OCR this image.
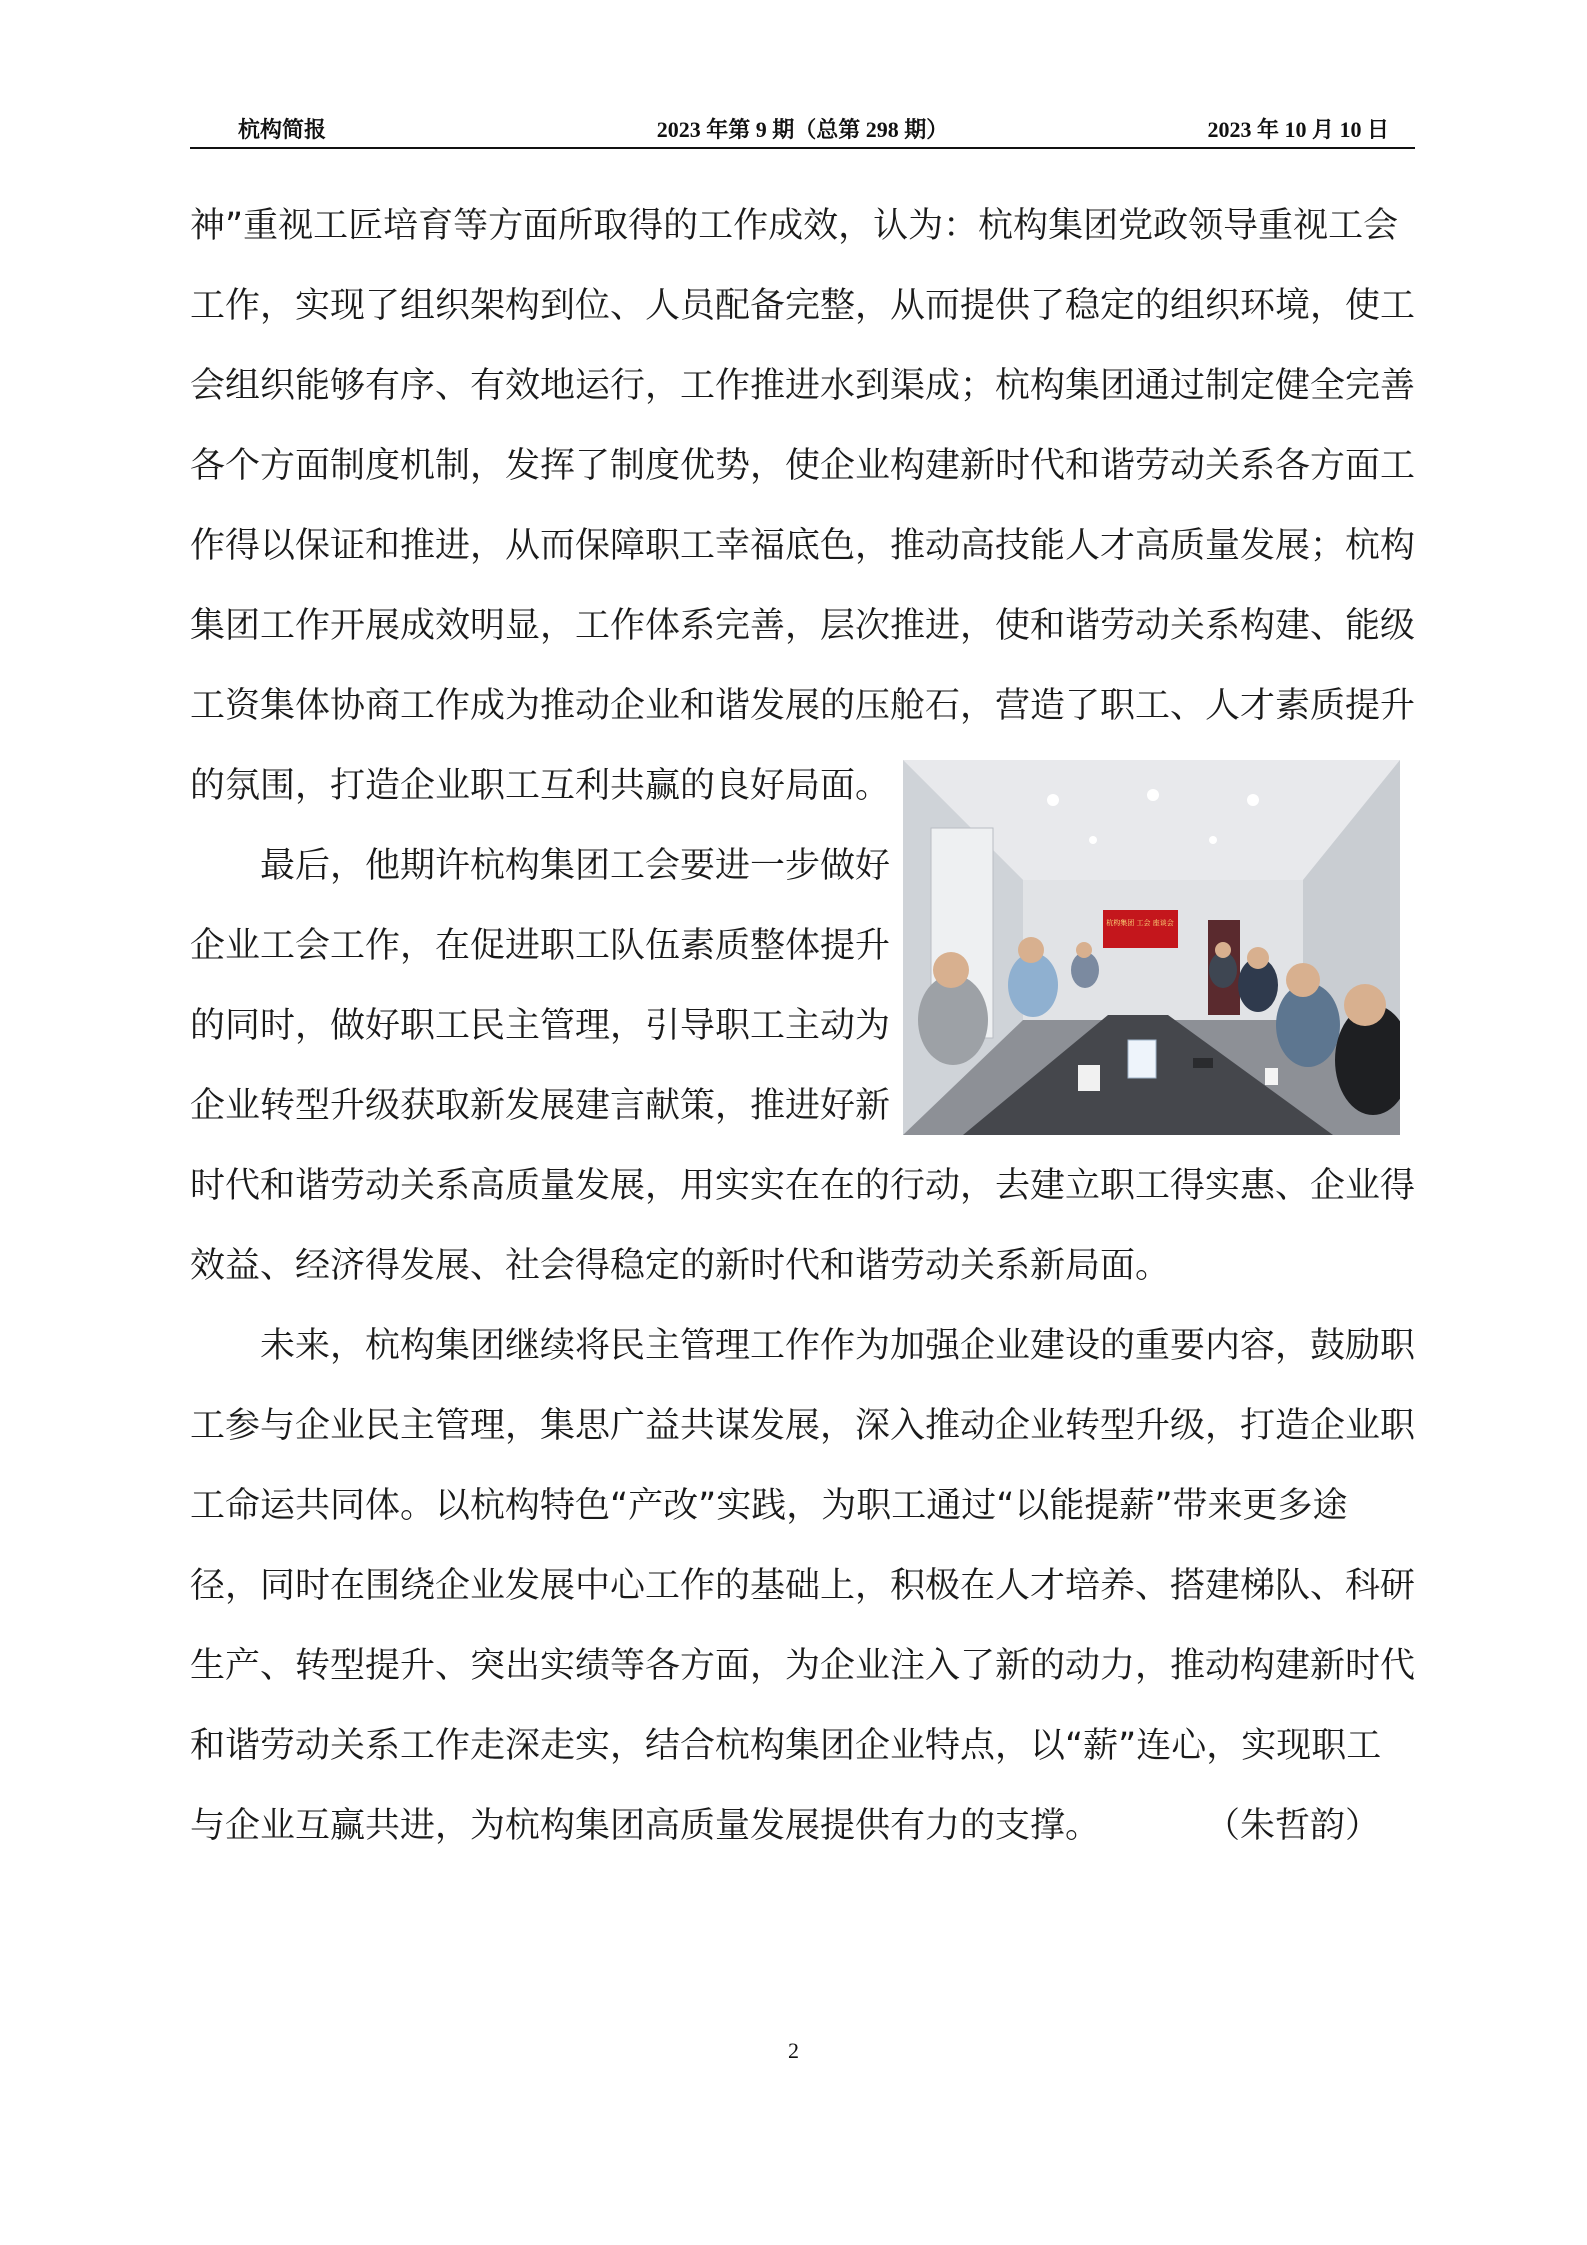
杭构简报	2023 年第 9 期（总第 298 期）	2023 年 10 月 10 日
神”重视工匠培育等方面所取得的工作成效，认为：杭构集团党政领导重视工会
工作，实现了组织架构到位、人员配备完整，从而提供了稳定的组织环境，使工
会组织能够有序、有效地运行，工作推进水到渠成；杭构集团通过制定健全完善
各个方面制度机制，发挥了制度优势，使企业构建新时代和谐劳动关系各方面工
作得以保证和推进，从而保障职工幸福底色，推动高技能人才高质量发展；杭构
集团工作开展成效明显，工作体系完善，层次推进，使和谐劳动关系构建、能级
工资集体协商工作成为推动企业和谐发展的压舱石，营造了职工、人才素质提升
的氛围，打造企业职工互利共赢的良好局面。
最后，他期许杭构集团工会要进一步做好
企业工会工作，在促进职工队伍素质整体提升
的同时，做好职工民主管理，引导职工主动为
企业转型升级获取新发展建言献策，推进好新
时代和谐劳动关系高质量发展，用实实在在的行动，去建立职工得实惠、企业得
效益、经济得发展、社会得稳定的新时代和谐劳动关系新局面。
未来，杭构集团继续将民主管理工作作为加强企业建设的重要内容，鼓励职
工参与企业民主管理，集思广益共谋发展，深入推动企业转型升级，打造企业职
工命运共同体。以杭构特色“产改”实践，为职工通过“以能提薪”带来更多途
径，同时在围绕企业发展中心工作的基础上，积极在人才培养、搭建梯队、科研
生产、转型提升、突出实绩等各方面，为企业注入了新的动力，推动构建新时代
和谐劳动关系工作走深走实，结合杭构集团企业特点，以“薪”连心，实现职工
与企业互赢共进，为杭构集团高质量发展提供有力的支撑。　　　　（朱哲韵）
杭构集团 工会 座谈会
2
